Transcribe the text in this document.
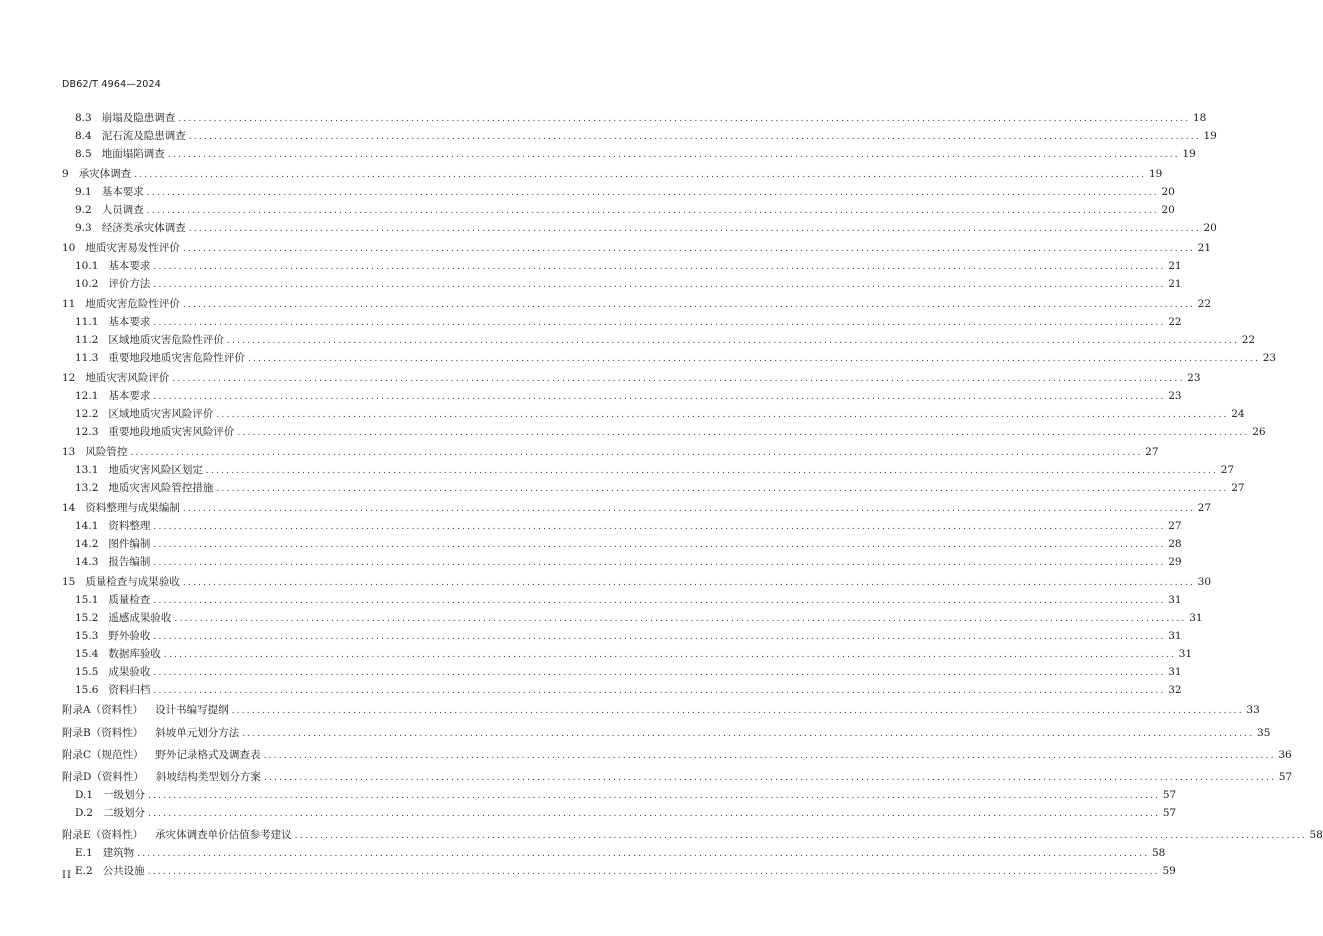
DB62/T 4964—2024
8.3 崩塌及隐患调查 ........................................................................................................................................................................................................ 18
8.4 泥石流及隐患调查 ........................................................................................................................................................................................................ 19
8.5 地面塌陷调查 ........................................................................................................................................................................................................ 19
9 承灾体调查 ........................................................................................................................................................................................................ 19
9.1 基本要求 ........................................................................................................................................................................................................ 20
9.2 人员调查 ........................................................................................................................................................................................................ 20
9.3 经济类承灾体调查 ........................................................................................................................................................................................................ 20
10 地质灾害易发性评价 ........................................................................................................................................................................................................ 21
10.1 基本要求 ........................................................................................................................................................................................................ 21
10.2 评价方法 ........................................................................................................................................................................................................ 21
11 地质灾害危险性评价 ........................................................................................................................................................................................................ 22
11.1 基本要求 ........................................................................................................................................................................................................ 22
11.2 区域地质灾害危险性评价 ........................................................................................................................................................................................................ 22
11.3 重要地段地质灾害危险性评价 ........................................................................................................................................................................................................ 23
12 地质灾害风险评价 ........................................................................................................................................................................................................ 23
12.1 基本要求 ........................................................................................................................................................................................................ 23
12.2 区域地质灾害风险评价 ........................................................................................................................................................................................................ 24
12.3 重要地段地质灾害风险评价 ........................................................................................................................................................................................................ 26
13 风险管控 ........................................................................................................................................................................................................ 27
13.1 地质灾害风险区划定 ........................................................................................................................................................................................................ 27
13.2 地质灾害风险管控措施 ........................................................................................................................................................................................................ 27
14 资料整理与成果编制 ........................................................................................................................................................................................................ 27
14.1 资料整理 ........................................................................................................................................................................................................ 27
14.2 图件编制 ........................................................................................................................................................................................................ 28
14.3 报告编制 ........................................................................................................................................................................................................ 29
15 质量检查与成果验收 ........................................................................................................................................................................................................ 30
15.1 质量检查 ........................................................................................................................................................................................................ 31
15.2 遥感成果验收 ........................................................................................................................................................................................................ 31
15.3 野外验收 ........................................................................................................................................................................................................ 31
15.4 数据库验收 ........................................................................................................................................................................................................ 31
15.5 成果验收 ........................................................................................................................................................................................................ 31
15.6 资料归档 ........................................................................................................................................................................................................ 32
附录A（资料性） 设计书编写提纲 ........................................................................................................................................................................................................ 33
附录B（资料性） 斜坡单元划分方法 ........................................................................................................................................................................................................ 35
附录C（规范性） 野外记录格式及调查表 ........................................................................................................................................................................................................ 36
附录D（资料性） 斜坡结构类型划分方案 ........................................................................................................................................................................................................ 57
D.1 一级划分 ........................................................................................................................................................................................................ 57
D.2 二级划分 ........................................................................................................................................................................................................ 57
附录E（资料性） 承灾体调查单价估值参考建议 ........................................................................................................................................................................................................ 58
E.1 建筑物 ........................................................................................................................................................................................................ 58
E.2 公共设施 ........................................................................................................................................................................................................ 59
II
